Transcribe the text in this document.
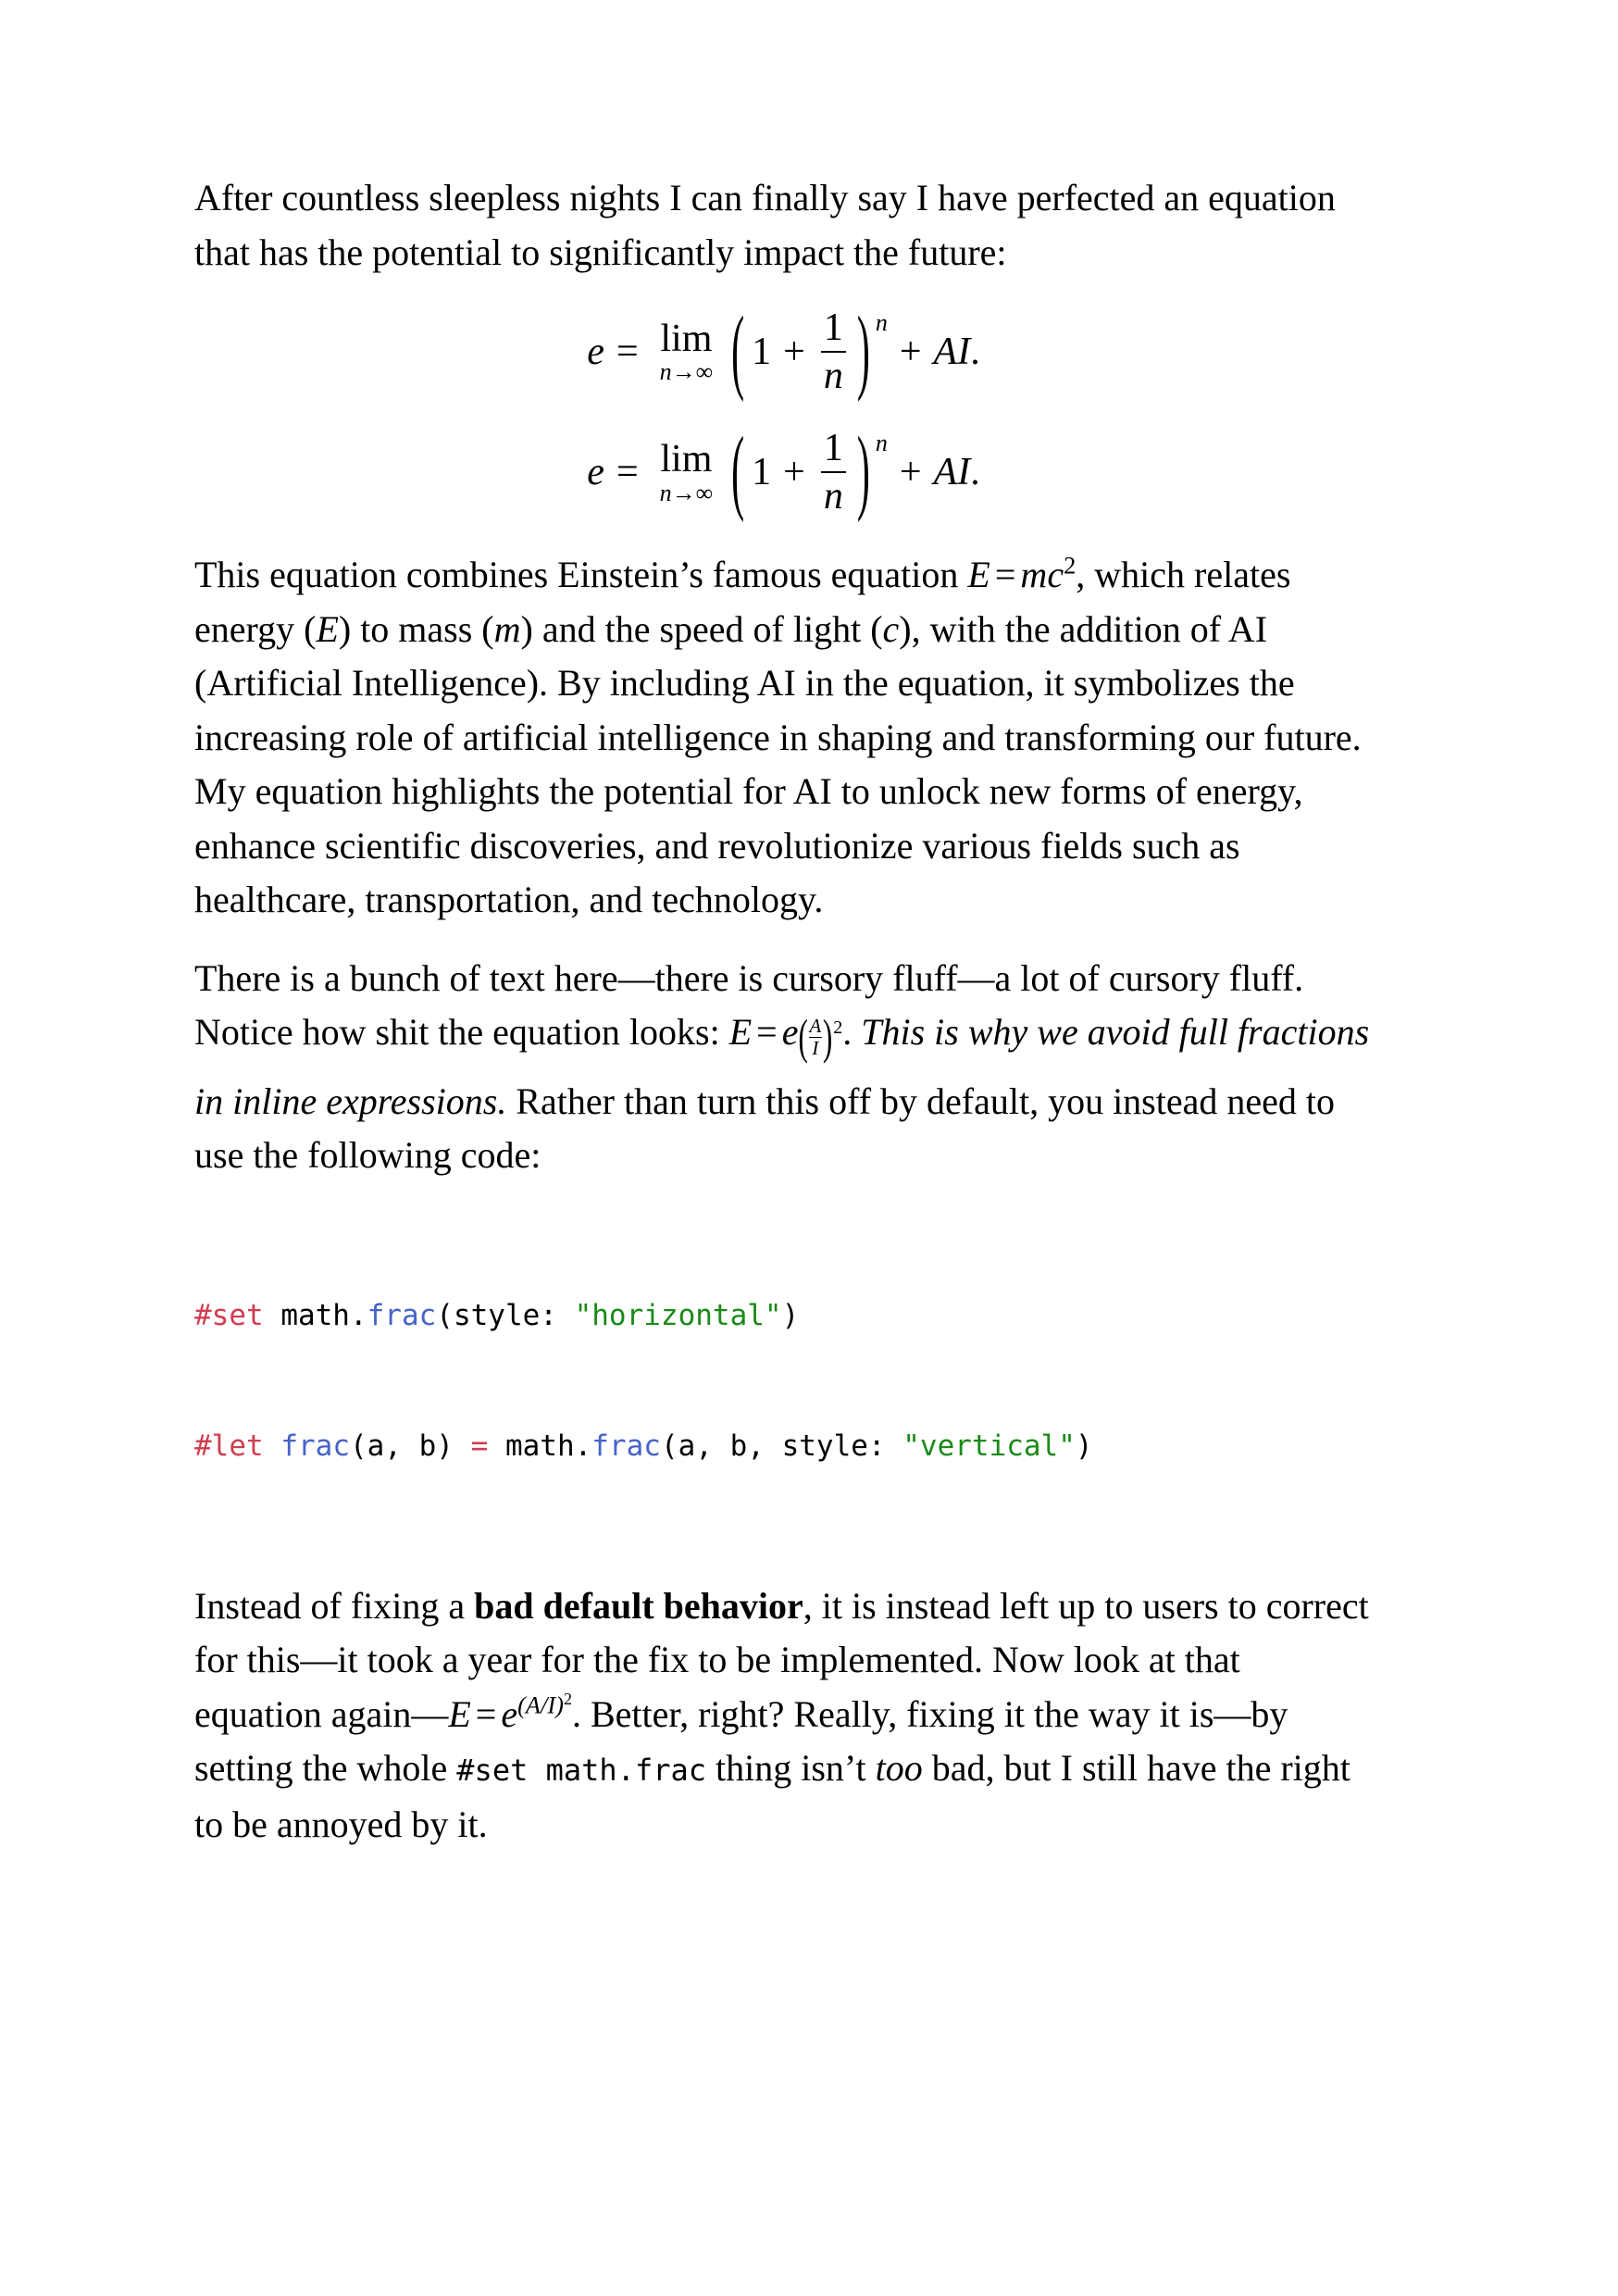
After countless sleepless nights I can finally say I have perfected an equation that has the potential to significantly impact the future:

e = lim
n→∞ ( $1 + \frac{1}{n}$ ) n
+ A I .
e = lim
n→∞ ( $1 + \frac{1}{n}$ ) n
+ A I .

This equation combines Einstein’s famous equation $E = mc^2$, which relates energy (E) to mass (m) and the speed of light (c), with the addition of AI (Artificial Intelligence). By including AI in the equation, it symbolizes the increasing role of artificial intelligence in shaping and transforming our future. My equation highlights the potential for AI to unlock new forms of energy, enhance scientific discoveries, and revolutionize various fields such as healthcare, transportation, and technology.

There is a bunch of text here—there is cursory fluff—a lot of cursory fluff. Notice how shit the equation looks: E = e ( $\frac{A}{I}$ ) 2 . This is why we avoid full fractions in inline expressions. Rather than turn this off by default, you instead need to use the following code:

#set math.frac(style: "horizontal")

#let frac(a, b) = math.frac(a, b, style: "vertical")

Instead of fixing a bad default behavior, it is instead left up to users to correct for this—it took a year for the fix to be implemented. Now look at that equation again—E = $e^{(A/I)2}$. Better, right? Really, fixing it the way it is—by setting the whole #set math.frac thing isn’t too bad, but I still have the right to be annoyed by it.
